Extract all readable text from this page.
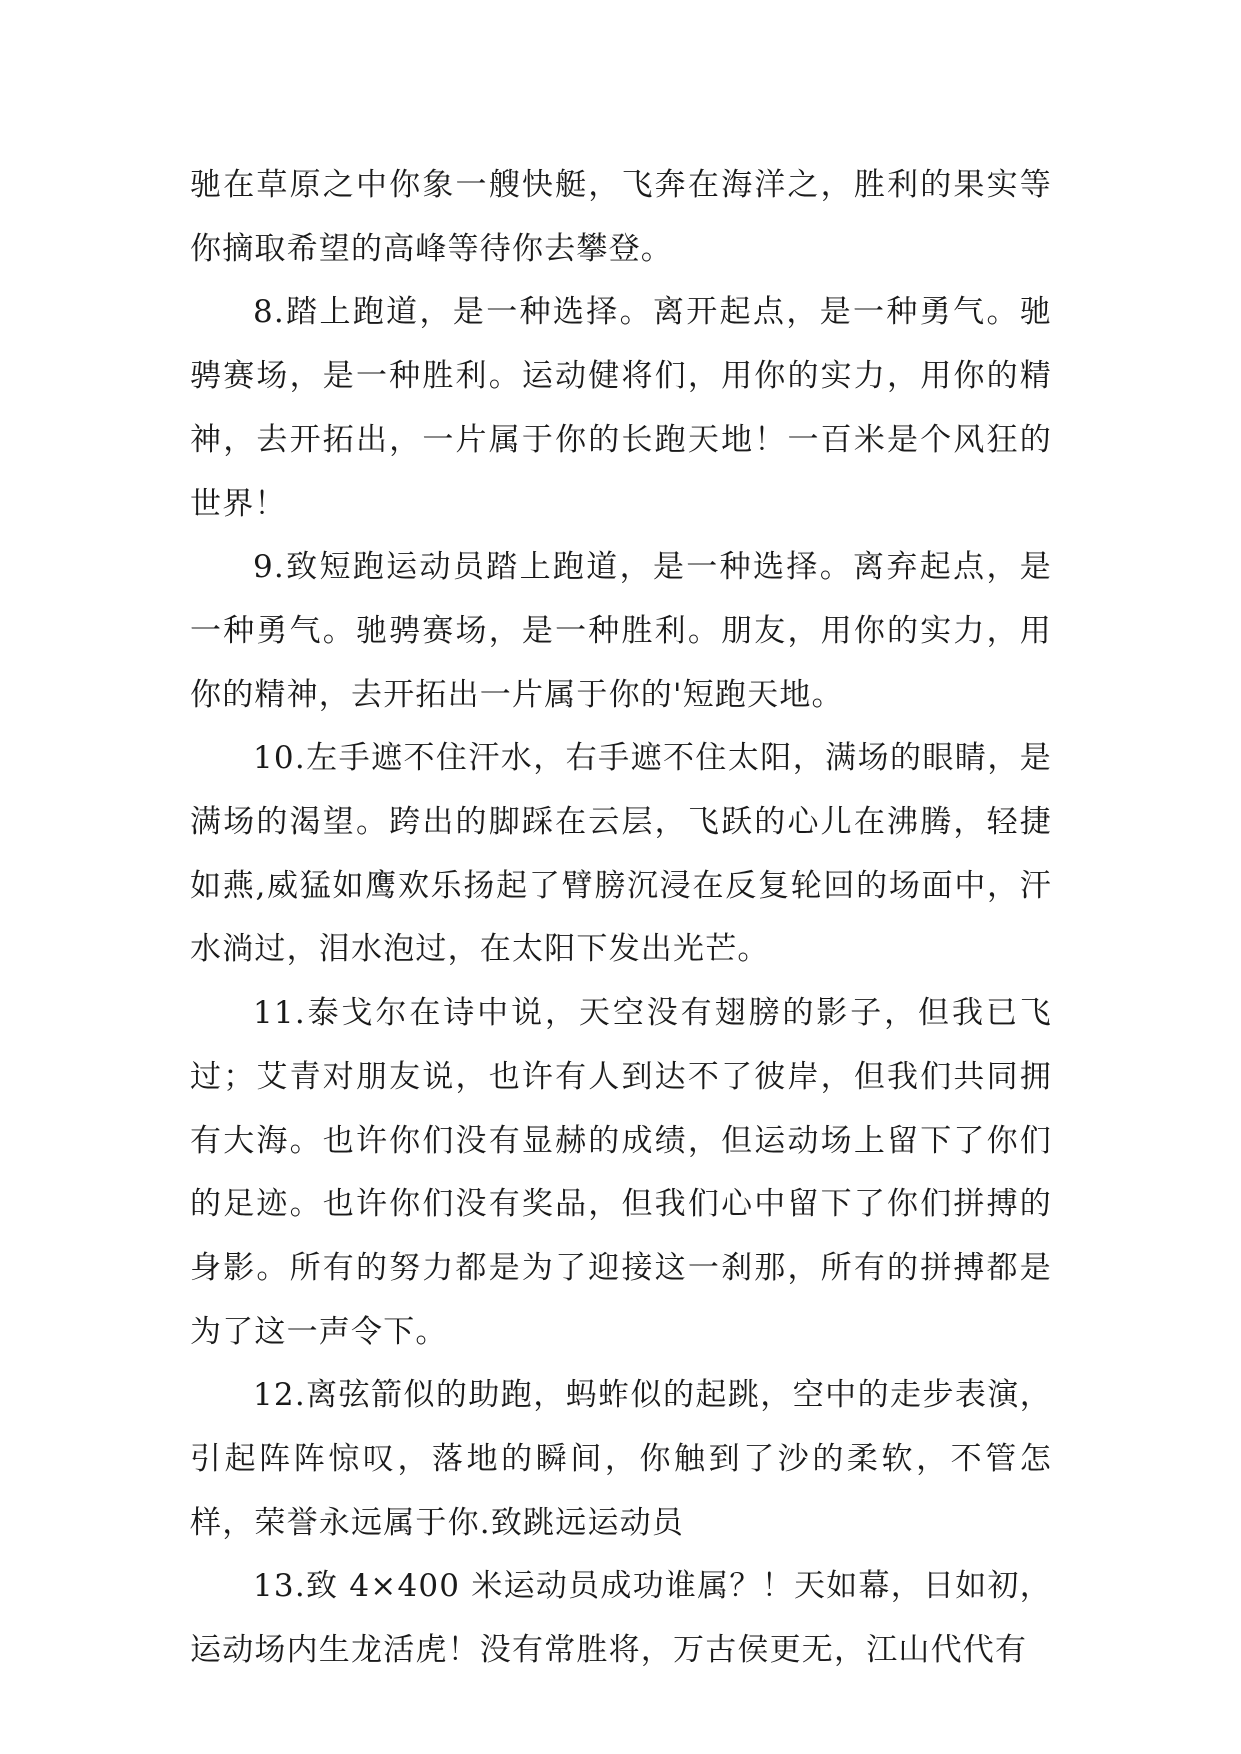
驰在草原之中你象一艘快艇，飞奔在海洋之，胜利的果实等你摘取希望的高峰等待你去攀登。

8.踏上跑道，是一种选择。离开起点，是一种勇气。驰骋赛场，是一种胜利。运动健将们，用你的实力，用你的精神，去开拓出，一片属于你的长跑天地！一百米是个风狂的世界！

9.致短跑运动员踏上跑道，是一种选择。离弃起点，是一种勇气。驰骋赛场，是一种胜利。朋友，用你的实力，用你的精神，去开拓出一片属于你的'短跑天地。

10.左手遮不住汗水，右手遮不住太阳，满场的眼睛，是满场的渴望。跨出的脚踩在云层，飞跃的心儿在沸腾，轻捷如燕,威猛如鹰欢乐扬起了臂膀沉浸在反复轮回的场面中，汗水淌过，泪水泡过，在太阳下发出光芒。

11.泰戈尔在诗中说，天空没有翅膀的影子，但我已飞过；艾青对朋友说，也许有人到达不了彼岸，但我们共同拥有大海。也许你们没有显赫的成绩，但运动场上留下了你们的足迹。也许你们没有奖品，但我们心中留下了你们拼搏的身影。所有的努力都是为了迎接这一刹那，所有的拼搏都是为了这一声令下。

12.离弦箭似的助跑，蚂蚱似的起跳，空中的走步表演，引起阵阵惊叹，落地的瞬间，你触到了沙的柔软，不管怎样，荣誉永远属于你.致跳远运动员

13.致 4×400 米运动员成功谁属？！天如幕，日如初，运动场内生龙活虎！没有常胜将，万古侯更无，江山代代有
